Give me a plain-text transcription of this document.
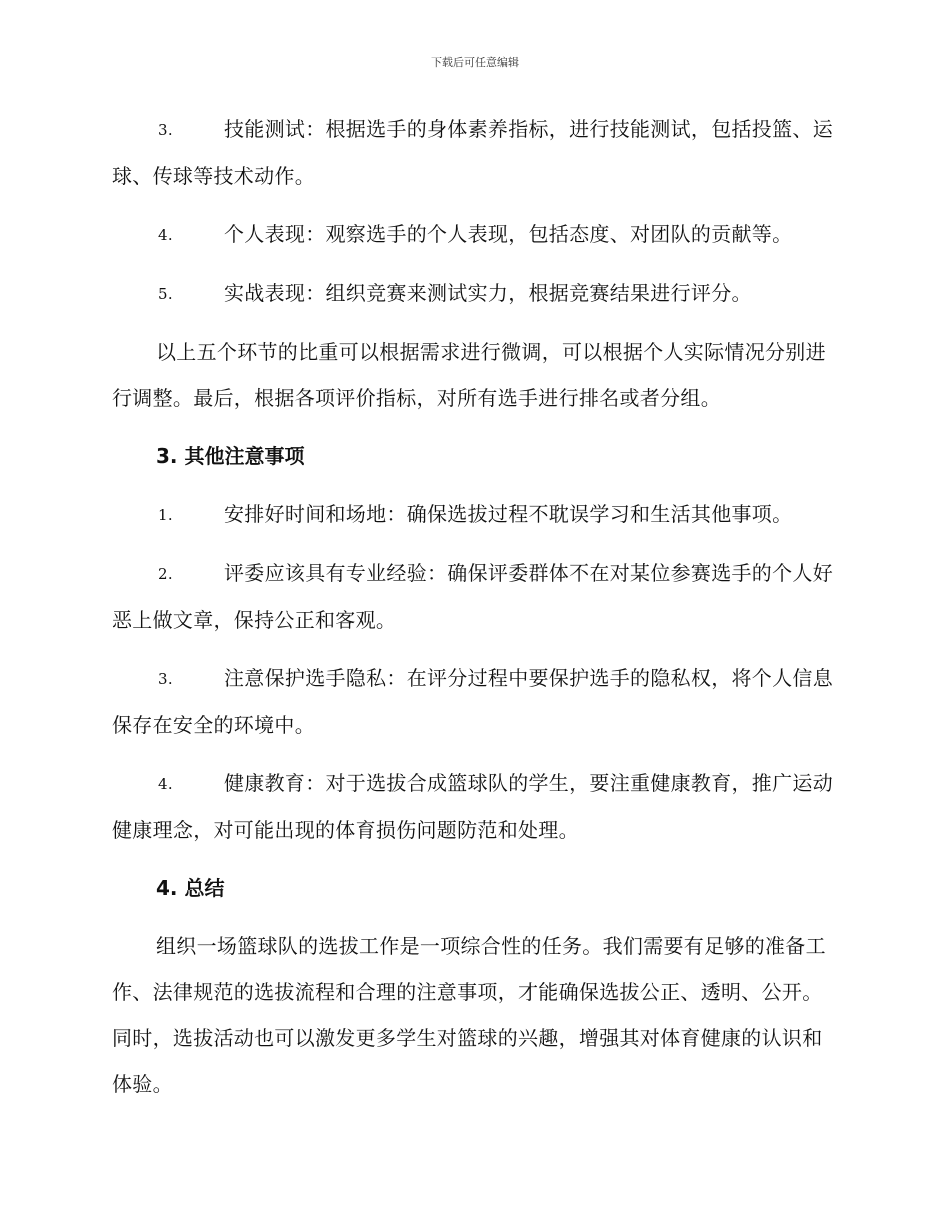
下载后可任意编辑
3.	技能测试：根据选手的身体素养指标，进行技能测试，包括投篮、运球、传球等技术动作。
4.	个人表现：观察选手的个人表现，包括态度、对团队的贡献等。
5.	实战表现：组织竞赛来测试实力，根据竞赛结果进行评分。
以上五个环节的比重可以根据需求进行微调，可以根据个人实际情况分别进行调整。最后，根据各项评价指标，对所有选手进行排名或者分组。
3. 其他注意事项
1.	安排好时间和场地：确保选拔过程不耽误学习和生活其他事项。
2.	评委应该具有专业经验：确保评委群体不在对某位参赛选手的个人好恶上做文章，保持公正和客观。
3.	注意保护选手隐私：在评分过程中要保护选手的隐私权，将个人信息保存在安全的环境中。
4.	健康教育：对于选拔合成篮球队的学生，要注重健康教育，推广运动健康理念，对可能出现的体育损伤问题防范和处理。
4. 总结
组织一场篮球队的选拔工作是一项综合性的任务。我们需要有足够的准备工作、法律规范的选拔流程和合理的注意事项，才能确保选拔公正、透明、公开。同时，选拔活动也可以激发更多学生对篮球的兴趣，增强其对体育健康的认识和体验。
